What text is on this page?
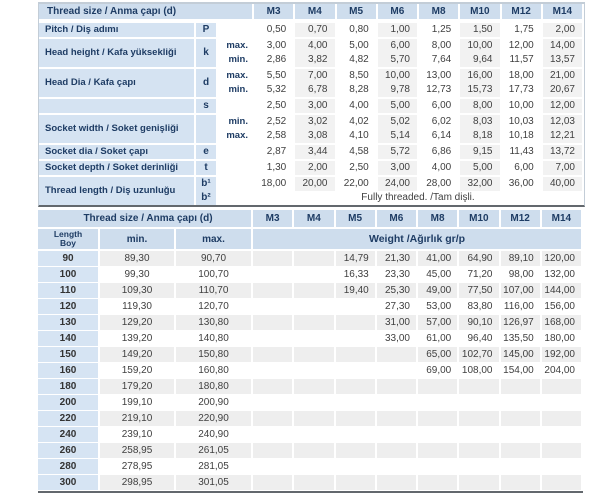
Thread size / Anma çapı (d)			M3	M4	M5	M6	M8	M10	M12	M14
Pitch / Diş adımı	P		0,50	0,70	0,80	1,00	1,25	1,50	1,75	2,00
Head height / Kafa yüksekliği	k	max.	3,00	4,00	5,00	6,00	8,00	10,00	12,00	14,00
		min.	2,86	3,82	4,82	5,70	7,64	9,64	11,57	13,57
Head Dia / Kafa çapı	d	max.	5,50	7,00	8,50	10,00	13,00	16,00	18,00	21,00
		min.	5,32	6,78	8,28	9,78	12,73	15,73	17,73	20,67
	s		2,50	3,00	4,00	5,00	6,00	8,00	10,00	12,00
Socket width / Soket genişliği		min.	2,52	3,02	4,02	5,02	6,02	8,03	10,03	12,03
		max.	2,58	3,08	4,10	5,14	6,14	8,18	10,18	12,21
Socket dia / Soket çapı	e		2,87	3,44	4,58	5,72	6,86	9,15	11,43	13,72
Socket depth / Soket derinliği	t		1,30	2,00	2,50	3,00	4,00	5,00	6,00	7,00
Thread length / Diş uzunluğu	b¹		18,00	20,00	22,00	24,00	28,00	32,00	36,00	40,00
	b²		Fully threaded. /Tam dişli.							
Thread size / Anma çapı (d)			M3	M4	M5	M6	M8	M10	M12	M14

Length
Boy	min.	max.	Weight /Ağırlık gr/p							
90	89,30	90,70			14,79	21,30	41,00	64,90	89,10	120,00
100	99,30	100,70			16,33	23,30	45,00	71,20	98,00	132,00
110	109,30	110,70			19,40	25,30	49,00	77,50	107,00	144,00
120	119,30	120,70				27,30	53,00	83,80	116,00	156,00
130	129,20	130,80				31,00	57,00	90,10	126,97	168,00
140	139,20	140,80				33,00	61,00	96,40	135,50	180,00
150	149,20	150,80					65,00	102,70	145,00	192,00
160	159,20	160,80					69,00	108,00	154,00	204,00
180	179,20	180,80								
200	199,10	200,90								
220	219,10	220,90								
240	239,10	240,90								
260	258,95	261,05								
280	278,95	281,05								
300	298,95	301,05								
